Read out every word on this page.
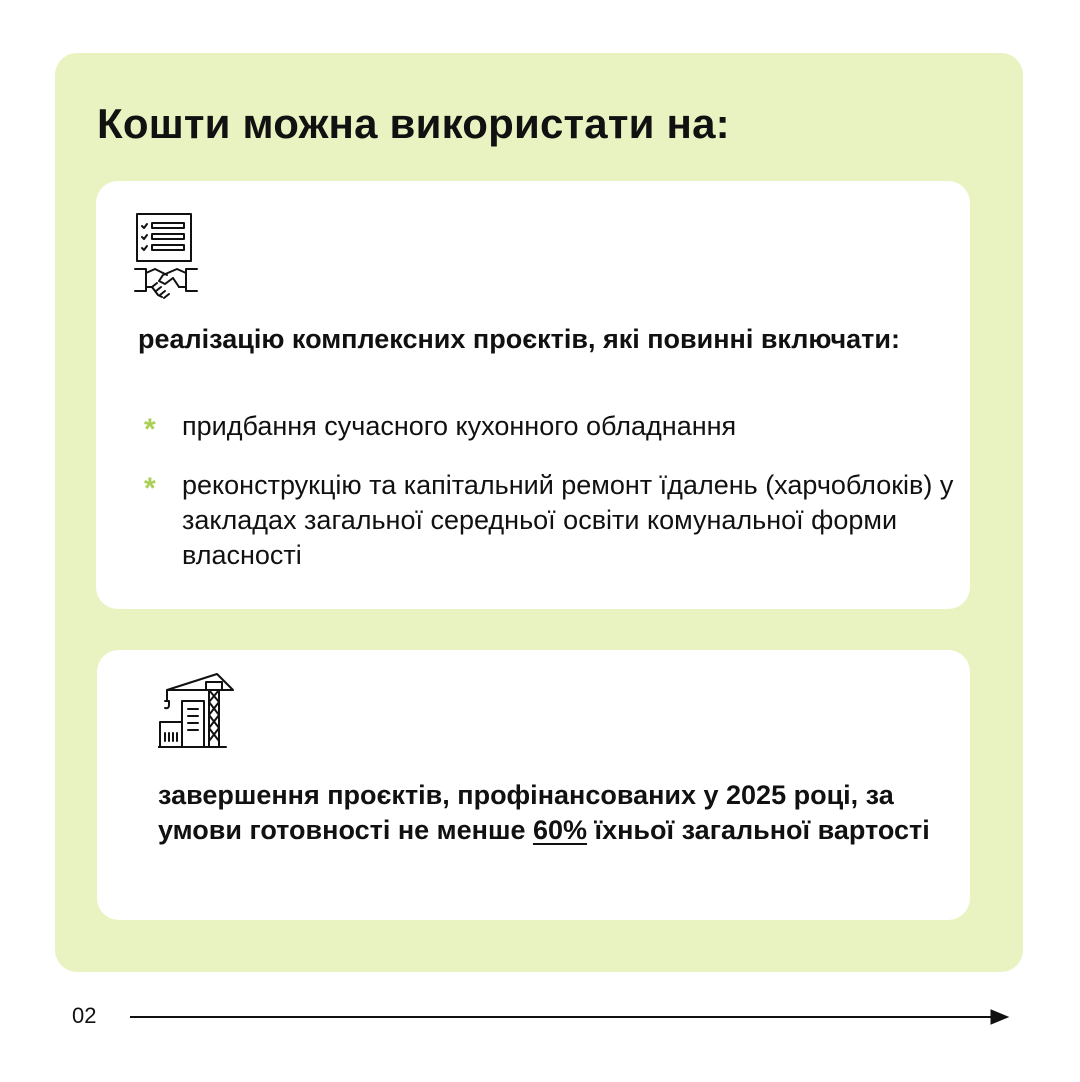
Кошти можна використати на:

реалізацію комплексних проєктів, які повинні включати:

* придбання сучасного кухонного обладнання
* реконструкцію та капітальний ремонт їдалень (харчоблоків) у закладах загальної середньої освіти комунальної форми власності

завершення проєктів, профінансованих у 2025 році, за умови готовності не менше 60% їхньої загальної вартості

02
